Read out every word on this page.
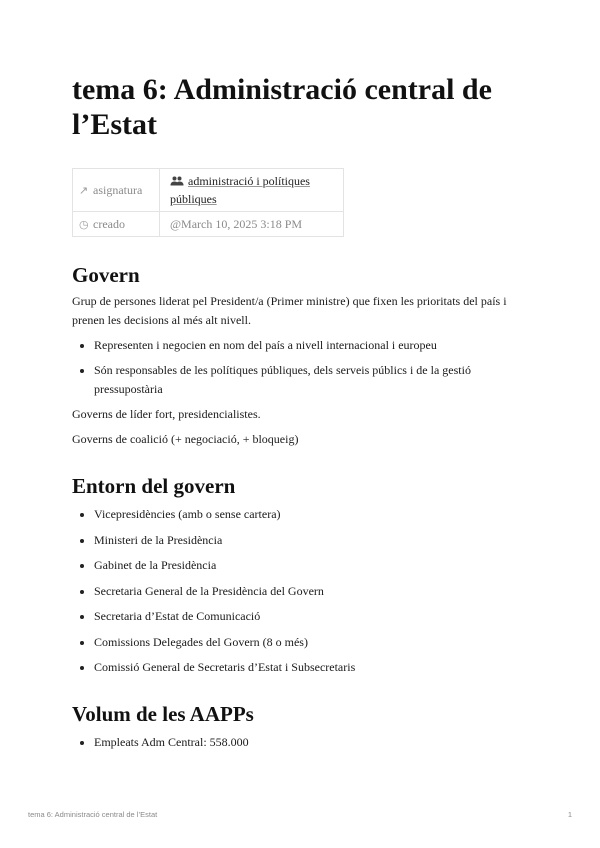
tema 6: Administració central de l’Estat
↗ asignatura	administració i polítiques públiques
◷ creado	@March 10, 2025 3:18 PM
Govern

Grup de persones liderat pel President/a (Primer ministre) que fixen les prioritats del país i prenen les decisions al més alt nivell.

Representen i negocien en nom del país a nivell internacional i europeu
Són responsables de les polítiques públiques, dels serveis públics i de la gestió pressupostària

Governs de líder fort, presidencialistes.

Governs de coalició (+ negociació, + bloqueig)

Entorn del govern
Vicepresidències (amb o sense cartera)
Ministeri de la Presidència
Gabinet de la Presidència
Secretaria General de la Presidència del Govern
Secretaria d’Estat de Comunicació
Comissions Delegades del Govern (8 o més)
Comissió General de Secretaris d’Estat i Subsecretaris
Volum de les AAPPs
Empleats Adm Central: 558.000
tema 6: Administració central de l’Estat	1
